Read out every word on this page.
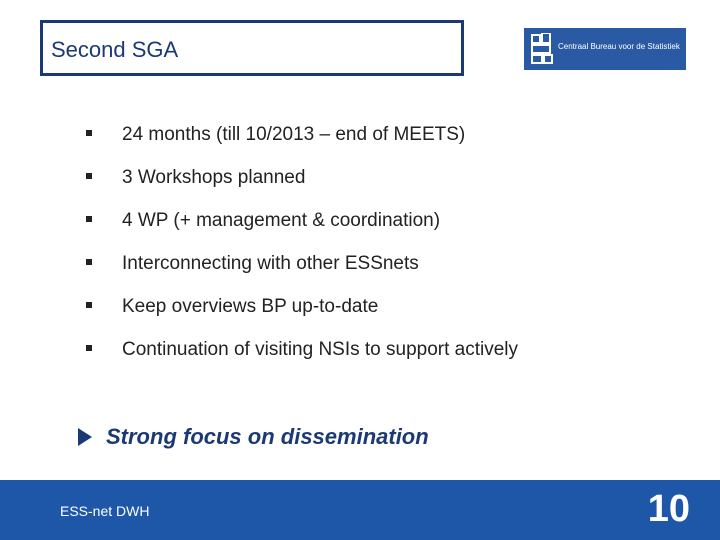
Second SGA	Centraal Bureau voor de Statistiek
24 months (till 10/2013 – end of MEETS)
3 Workshops planned
4 WP (+ management & coordination)
Interconnecting with other ESSnets
Keep overviews BP up-to-date
Continuation of visiting NSIs to support actively
Strong focus on dissemination
ESS-net DWH	10
